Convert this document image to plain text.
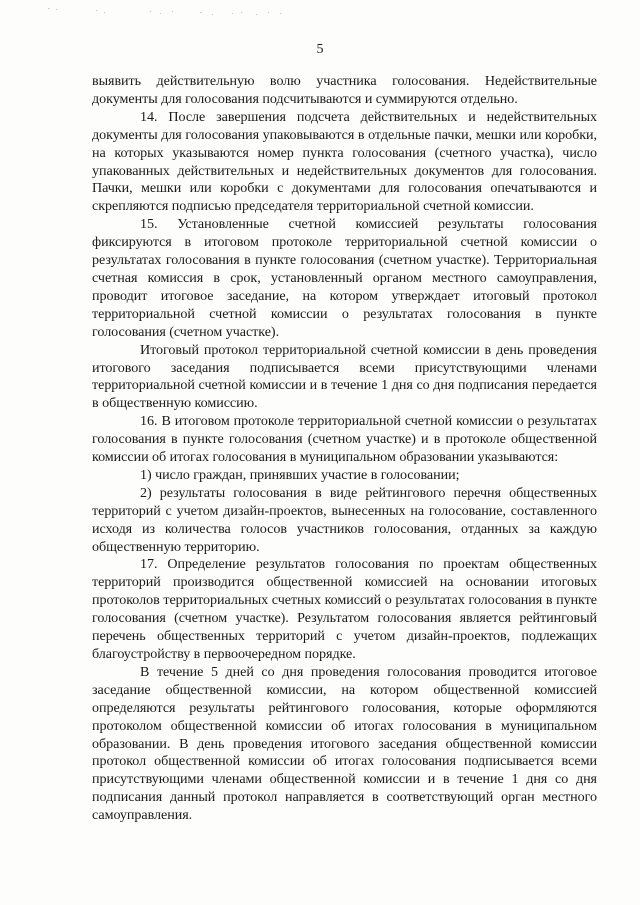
5

выявить действительную волю участника голосования. Недействительные документы для голосования подсчитываются и суммируются отдельно.

14. После завершения подсчета действительных и недействительных документы для голосования упаковываются в отдельные пачки, мешки или коробки, на которых указываются номер пункта голосования (счетного участка), число упакованных действительных и недействительных документов для голосования. Пачки, мешки или коробки с документами для голосования опечатываются и скрепляются подписью председателя территориальной счетной комиссии.

15. Установленные счетной комиссией результаты голосования фиксируются в итоговом протоколе территориальной счетной комиссии о результатах голосования в пункте голосования (счетном участке). Территориальная счетная комиссия в срок, установленный органом местного самоуправления, проводит итоговое заседание, на котором утверждает итоговый протокол территориальной счетной комиссии о результатах голосования в пункте голосования (счетном участке).

Итоговый протокол территориальной счетной комиссии в день проведения итогового заседания подписывается всеми присутствующими членами территориальной счетной комиссии и в течение 1 дня со дня подписания передается в общественную комиссию.

16. В итоговом протоколе территориальной счетной комиссии о результатах голосования в пункте голосования (счетном участке) и в протоколе общественной комиссии об итогах голосования в муниципальном образовании указываются:

1) число граждан, принявших участие в голосовании;

2) результаты голосования в виде рейтингового перечня общественных территорий с учетом дизайн-проектов, вынесенных на голосование, составленного исходя из количества голосов участников голосования, отданных за каждую общественную территорию.

17. Определение результатов голосования по проектам общественных территорий производится общественной комиссией на основании итоговых протоколов территориальных счетных комиссий о результатах голосования в пункте голосования (счетном участке). Результатом голосования является рейтинговый перечень общественных территорий с учетом дизайн-проектов, подлежащих благоустройству в первоочередном порядке.

В течение 5 дней со дня проведения голосования проводится итоговое заседание общественной комиссии, на котором общественной комиссией определяются результаты рейтингового голосования, которые оформляются протоколом общественной комиссии об итогах голосования в муниципальном образовании. В день проведения итогового заседания общественной комиссии протокол общественной комиссии об итогах голосования подписывается всеми присутствующими членами общественной комиссии и в течение 1 дня со дня подписания данный протокол направляется в соответствующий орган местного самоуправления.
